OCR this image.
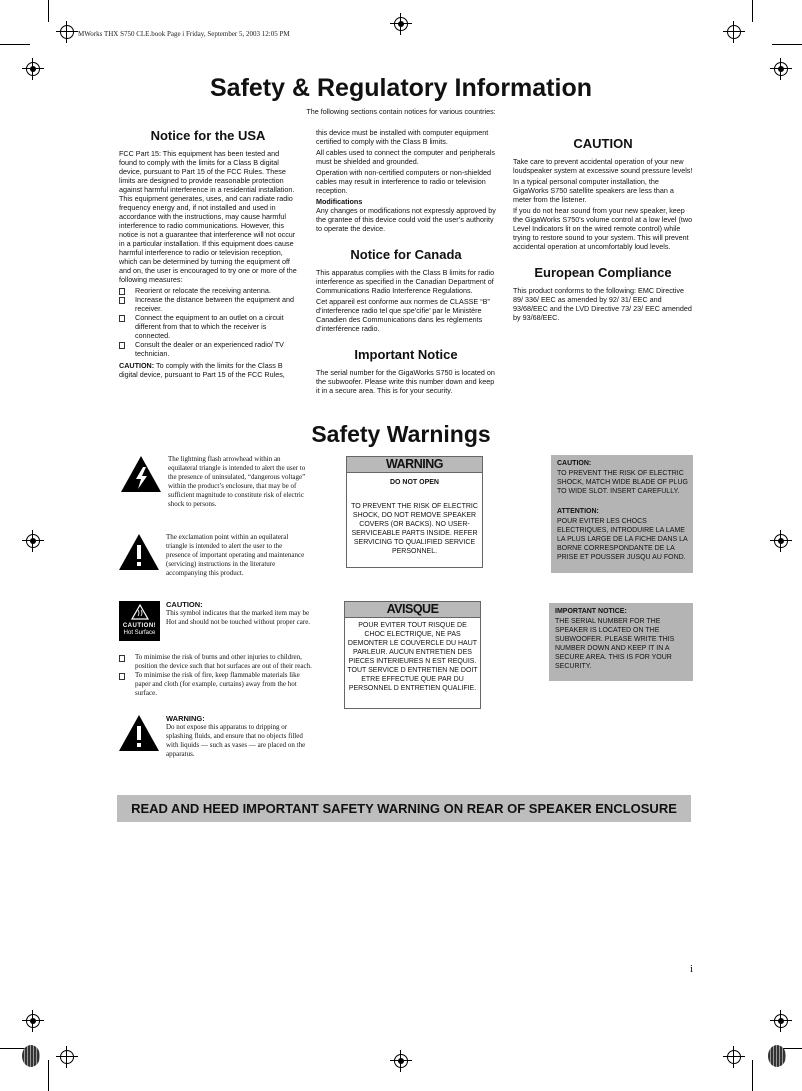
MWorks THX S750 CLE.book Page i Friday, September 5, 2003 12:05 PM
Safety & Regulatory Information
The following sections contain notices for various countries:
Notice for the USA

FCC Part 15: This equipment has been tested and found to comply with the limits for a Class B digital device, pursuant to Part 15 of the FCC Rules. These limits are designed to provide reasonable protection against harmful interference in a residential installation. This equipment generates, uses, and can radiate radio frequency energy and, if not installed and used in accordance with the instructions, may cause harmful interference to radio communications. However, this notice is not a guarantee that interference will not occur in a particular installation. If this equipment does cause harmful interference to radio or television reception, which can be determined by turning the equipment off and on, the user is encouraged to try one or more of the following measures:

Reorient or relocate the receiving antenna.
Increase the distance between the equipment and receiver.
Connect the equipment to an outlet on a circuit different from that to which the receiver is connected.
Consult the dealer or an experienced radio/ TV technician.

CAUTION: To comply with the limits for the Class B digital device, pursuant to Part 15 of the FCC Rules,

this device must be installed with computer equipment certified to comply with the Class B limits.

All cables used to connect the computer and peripherals must be shielded and grounded.

Operation with non-certified computers or non-shielded cables may result in interference to radio or television reception.

Modifications

Any changes or modifications not expressly approved by the grantee of this device could void the user’s authority to operate the device.

Notice for Canada

This apparatus complies with the Class B limits for radio interference as specified in the Canadian Department of Communications Radio Interference Regulations.

Cet appareil est conforme aux normes de CLASSE “B” d’interference radio tel que spe’cifie’ par le Ministère Canadien des Communications dans les règlements d’interférence radio.

Important Notice

The serial number for the GigaWorks S750 is located on the subwoofer. Please write this number down and keep it in a secure area. This is for your security.

CAUTION

Take care to prevent accidental operation of your new loudspeaker system at excessive sound pressure levels!

In a typical personal computer installation, the GigaWorks S750 satellite speakers are less than a meter from the listener.

If you do not hear sound from your new speaker, keep the GigaWorks S750’s volume control at a low level (two Level Indicators lit on the wired remote control) while trying to restore sound to your system. This will prevent accidental operation at uncomfortably loud levels.

European Compliance

This product conforms to the following: EMC Directive 89/ 336/ EEC as amended by 92/ 31/ EEC and 93/68/EEC and the LVD Directive 73/ 23/ EEC amended by 93/68/EEC.

Safety Warnings
The lightning flash arrowhead within an equilateral triangle is intended to alert the user to the presence of uninsulated, “dangerous voltage” within the product’s enclosure, that may be of sufficient magnitude to constitute risk of electric shock to persons.
The exclamation point within an equilateral triangle is intended to alert the user to the presence of important operating and maintenance (servicing) instructions in the literature accompanying this product.
CAUTION!
Hot Surface
CAUTION:
This symbol indicates that the marked item may be Hot and should not be touched without proper care.
To minimise the risk of burns and other injuries to children, position the device such that hot surfaces are out of their reach.
To minimise the risk of fire, keep flammable materials like paper and cloth (for example, curtains) away from the hot surface.
WARNING:
Do not expose this apparatus to dripping or splashing fluids, and ensure that no objects filled with liquids — such as vases — are placed on the apparatus.
WARNING
DO NOT OPEN
TO PREVENT THE RISK OF ELECTRIC SHOCK, DO NOT REMOVE SPEAKER COVERS (OR BACKS). NO USER-SERVICEABLE PARTS INSIDE. REFER SERVICING TO QUALIFIED SERVICE PERSONNEL.
AVISQUE
POUR EVITER TOUT RISQUE DE CHOC ELECTRIQUE, NE PAS DEMONTER LE COUVERCLE DU HAUT PARLEUR. AUCUN ENTRETIEN DES PIECES INTERIEURES N EST REQUIS. TOUT SERVICE D ENTRETIEN NE DOIT ETRE EFFECTUE QUE PAR DU PERSONNEL D ENTRETIEN QUALIFIE.
CAUTION:
TO PREVENT THE RISK OF ELECTRIC SHOCK, MATCH WIDE BLADE OF PLUG TO WIDE SLOT. INSERT CAREFULLY.
ATTENTION:
POUR EVITER LES CHOCS ELECTRIQUES, INTRODUIRE LA LAME LA PLUS LARGE DE LA FICHE DANS LA BORNE CORRESPONDANTE DE LA PRISE ET POUSSER JUSQU AU FOND.
IMPORTANT NOTICE:
THE SERIAL NUMBER FOR THE SPEAKER IS LOCATED ON THE SUBWOOFER. PLEASE WRITE THIS NUMBER DOWN AND KEEP IT IN A SECURE AREA. THIS IS FOR YOUR SECURITY.
READ AND HEED IMPORTANT SAFETY WARNING ON REAR OF SPEAKER ENCLOSURE
i
